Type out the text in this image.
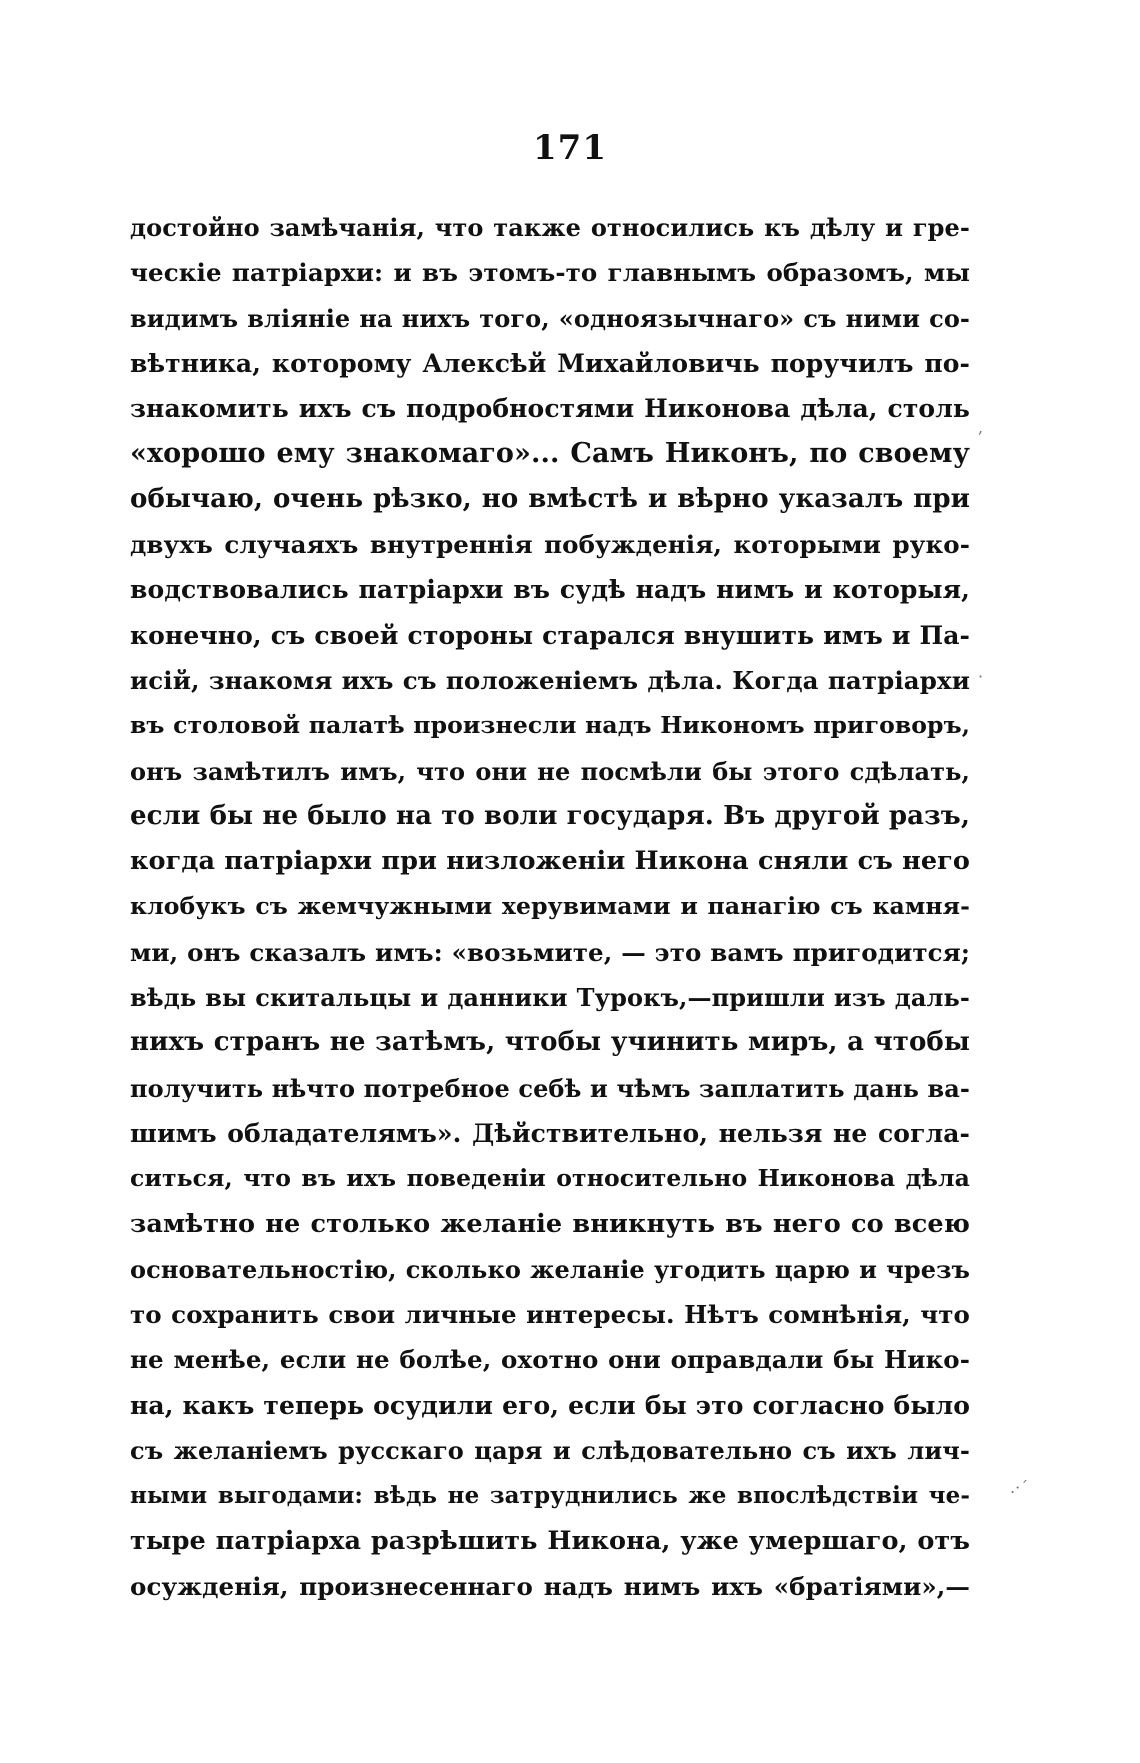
171
достойно замѣчанія, что также относились къ дѣлу и гре-
ческіе патріархи: и въ этомъ-то главнымъ образомъ, мы
видимъ вліяніе на нихъ того, «одноязычнаго» съ ними со-
вѣтника, которому Алексѣй Михайловичь поручилъ по-
знакомить ихъ съ подробностями Никонова дѣла, столь
«хорошо ему знакомаго»... Самъ Никонъ, по своему
обычаю, очень рѣзко, но вмѣстѣ и вѣрно указалъ при
двухъ случаяхъ внутреннія побужденія, которыми руко-
водствовались патріархи въ судѣ надъ нимъ и которыя,
конечно, съ своей стороны старался внушить имъ и Па-
исій, знакомя ихъ съ положеніемъ дѣла. Когда патріархи
въ столовой палатѣ произнесли надъ Никономъ приговоръ,
онъ замѣтилъ имъ, что они не посмѣли бы этого сдѣлать,
если бы не было на то воли государя. Въ другой разъ,
когда патріархи при низложеніи Никона сняли съ него
клобукъ съ жемчужными херувимами и панагію съ камня-
ми, онъ сказалъ имъ: «возьмите, — это вамъ пригодится;
вѣдь вы скитальцы и данники Турокъ,—пришли изъ даль-
нихъ странъ не затѣмъ, чтобы учинить миръ, а чтобы
получить нѣчто потребное себѣ и чѣмъ заплатить дань ва-
шимъ обладателямъ». Дѣйствительно, нельзя не согла-
ситься, что въ ихъ поведеніи относительно Никонова дѣла
замѣтно не столько желаніе вникнуть въ него со всею
основательностію, сколько желаніе угодить царю и чрезъ
то сохранить свои личные интересы. Нѣтъ сомнѣнія, что
не менѣе, если не болѣе, охотно они оправдали бы Нико-
на, какъ теперь осудили его, если бы это согласно было
съ желаніемъ русскаго царя и слѣдовательно съ ихъ лич-
ными выгодами: вѣдь не затруднились же впослѣдствіи че-
тыре патріарха разрѣшить Никона, уже умершаго, отъ
осужденія, произнесеннаго надъ нимъ ихъ «братіями»,—
,
·
.·´
